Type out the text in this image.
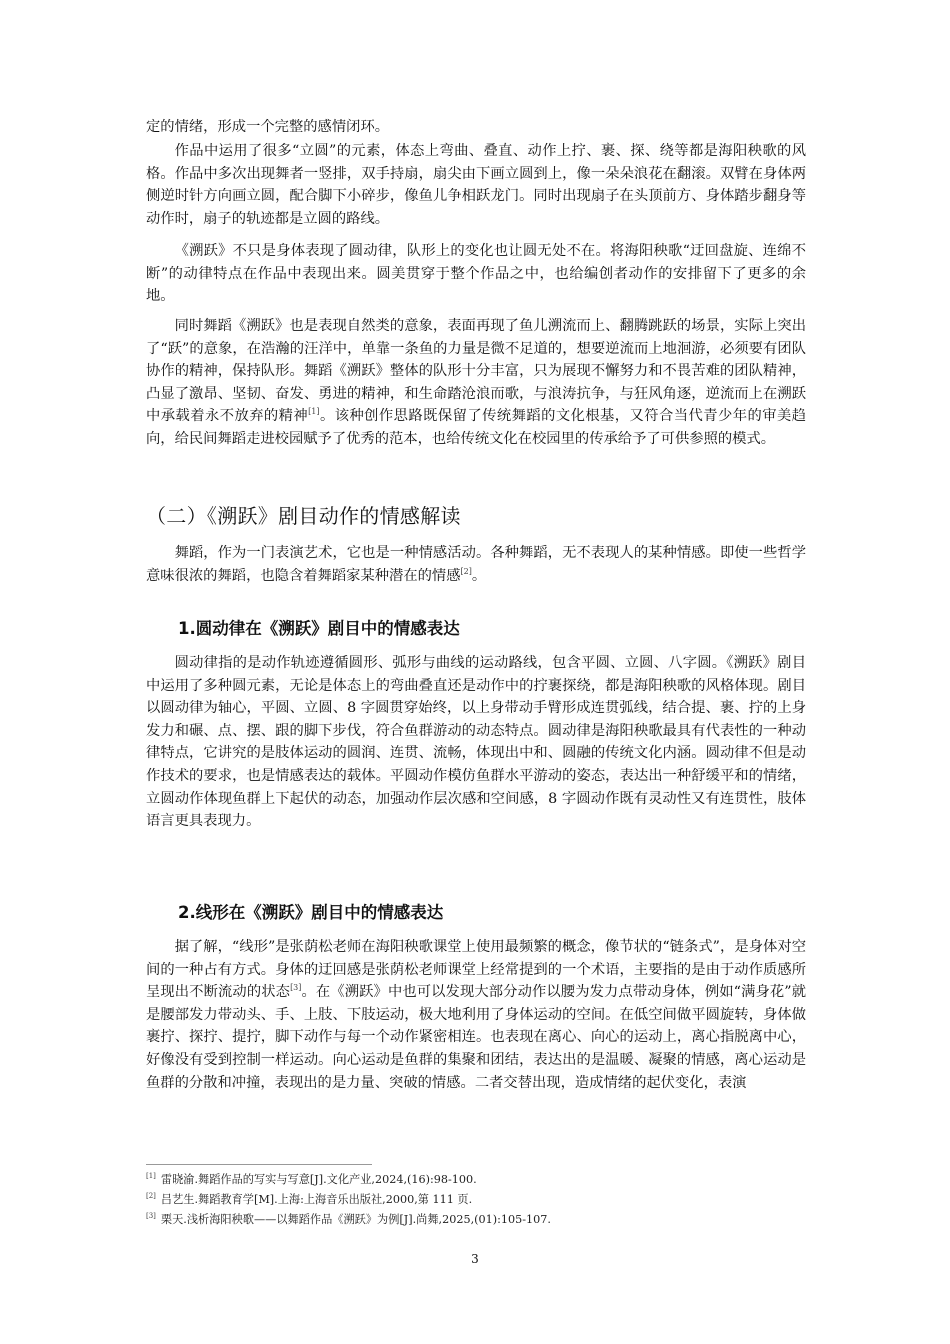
定的情绪，形成一个完整的感情闭环。

作品中运用了很多“立圆”的元素，体态上弯曲、叠直、动作上拧、裹、探、绕等都是海阳秧歌的风格。作品中多次出现舞者一竖排，双手持扇，扇尖由下画立圆到上，像一朵朵浪花在翻滚。双臂在身体两侧逆时针方向画立圆，配合脚下小碎步，像鱼儿争相跃龙门。同时出现扇子在头顶前方、身体踏步翻身等动作时，扇子的轨迹都是立圆的路线。

《溯跃》不只是身体表现了圆动律，队形上的变化也让圆无处不在。将海阳秧歌“迂回盘旋、连绵不断”的动律特点在作品中表现出来。圆美贯穿于整个作品之中，也给编创者动作的安排留下了更多的余地。

同时舞蹈《溯跃》也是表现自然类的意象，表面再现了鱼儿溯流而上、翻腾跳跃的场景，实际上突出了“跃”的意象，在浩瀚的汪洋中，单靠一条鱼的力量是微不足道的，想要逆流而上地洄游，必须要有团队协作的精神，保持队形。舞蹈《溯跃》整体的队形十分丰富，只为展现不懈努力和不畏苦难的团队精神，凸显了激昂、坚韧、奋发、勇进的精神，和生命踏沧浪而歌，与浪涛抗争，与狂风角逐，逆流而上在溯跃中承载着永不放弃的精神[1]。该种创作思路既保留了传统舞蹈的文化根基，又符合当代青少年的审美趋向，给民间舞蹈走进校园赋予了优秀的范本，也给传统文化在校园里的传承给予了可供参照的模式。

（二）《溯跃》剧目动作的情感解读

舞蹈，作为一门表演艺术，它也是一种情感活动。各种舞蹈，无不表现人的某种情感。即使一些哲学意味很浓的舞蹈，也隐含着舞蹈家某种潜在的情感[2]。

1.圆动律在《溯跃》剧目中的情感表达

圆动律指的是动作轨迹遵循圆形、弧形与曲线的运动路线，包含平圆、立圆、八字圆。《溯跃》剧目中运用了多种圆元素，无论是体态上的弯曲叠直还是动作中的拧裹探绕，都是海阳秧歌的风格体现。剧目以圆动律为轴心，平圆、立圆、8 字圆贯穿始终，以上身带动手臂形成连贯弧线，结合提、裹、拧的上身发力和碾、点、摆、跟的脚下步伐，符合鱼群游动的动态特点。圆动律是海阳秧歌最具有代表性的一种动律特点，它讲究的是肢体运动的圆润、连贯、流畅，体现出中和、圆融的传统文化内涵。圆动律不但是动作技术的要求，也是情感表达的载体。平圆动作模仿鱼群水平游动的姿态，表达出一种舒缓平和的情绪，立圆动作体现鱼群上下起伏的动态，加强动作层次感和空间感，8 字圆动作既有灵动性又有连贯性，肢体语言更具表现力。

2.线形在《溯跃》剧目中的情感表达

据了解，“线形”是张荫松老师在海阳秧歌课堂上使用最频繁的概念，像节状的“链条式”，是身体对空间的一种占有方式。身体的迂回感是张荫松老师课堂上经常提到的一个术语，主要指的是由于动作质感所呈现出不断流动的状态[3]。在《溯跃》中也可以发现大部分动作以腰为发力点带动身体，例如“满身花”就是腰部发力带动头、手、上肢、下肢运动，极大地利用了身体运动的空间。在低空间做平圆旋转，身体做裹拧、探拧、提拧，脚下动作与每一个动作紧密相连。也表现在离心、向心的运动上，离心指脱离中心，好像没有受到控制一样运动。向心运动是鱼群的集聚和团结，表达出的是温暖、凝聚的情感，离心运动是鱼群的分散和冲撞，表现出的是力量、突破的情感。二者交替出现，造成情绪的起伏变化，表演

[1] 雷晓渝.舞蹈作品的写实与写意[J].文化产业,2024,(16):98-100.

[2] 吕艺生.舞蹈教育学[M].上海:上海音乐出版社,2000,第 111 页.

[3] 栗天.浅析海阳秧歌——以舞蹈作品《溯跃》为例[J].尚舞,2025,(01):105-107.

3
